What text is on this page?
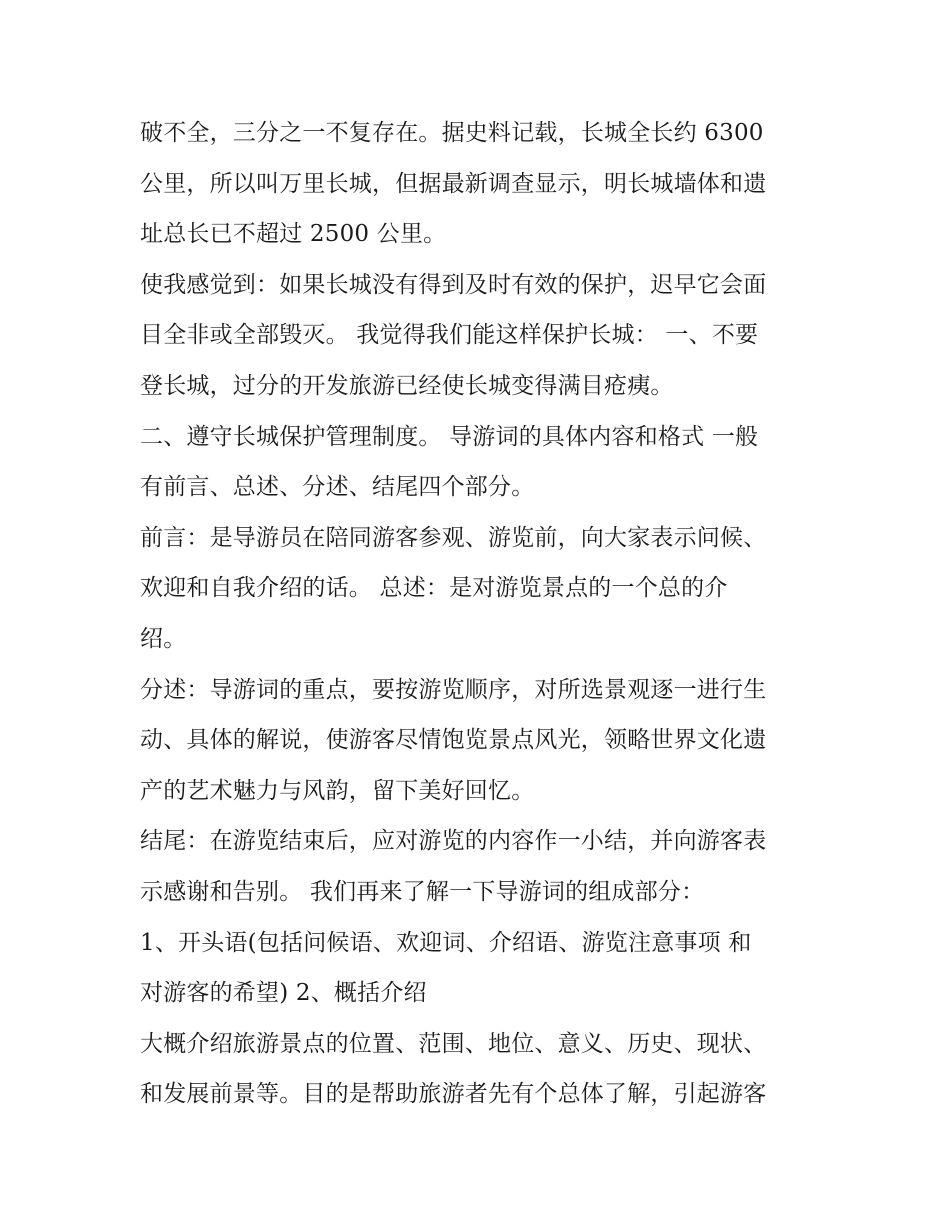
破不全，三分之一不复存在。据史料记载，长城全长约 6300
公里，所以叫万里长城，但据最新调查显示，明长城墙体和遗
址总长已不超过 2500 公里。
使我感觉到：如果长城没有得到及时有效的保护，迟早它会面
目全非或全部毁灭。 我觉得我们能这样保护长城： 一、不要
登长城，过分的开发旅游已经使长城变得满目疮痍。
二、遵守长城保护管理制度。 导游词的具体内容和格式 一般
有前言、总述、分述、结尾四个部分。
前言：是导游员在陪同游客参观、游览前，向大家表示问候、
欢迎和自我介绍的话。 总述：是对游览景点的一个总的介
绍。
分述：导游词的重点，要按游览顺序，对所选景观逐一进行生
动、具体的解说，使游客尽情饱览景点风光，领略世界文化遗
产的艺术魅力与风韵，留下美好回忆。
结尾：在游览结束后，应对游览的内容作一小结，并向游客表
示感谢和告别。 我们再来了解一下导游词的组成部分：
1、开头语(包括问候语、欢迎词、介绍语、游览注意事项 和
对游客的希望) 2、概括介绍
大概介绍旅游景点的位置、范围、地位、意义、历史、现状、
和发展前景等。目的是帮助旅游者先有个总体了解，引起游客
